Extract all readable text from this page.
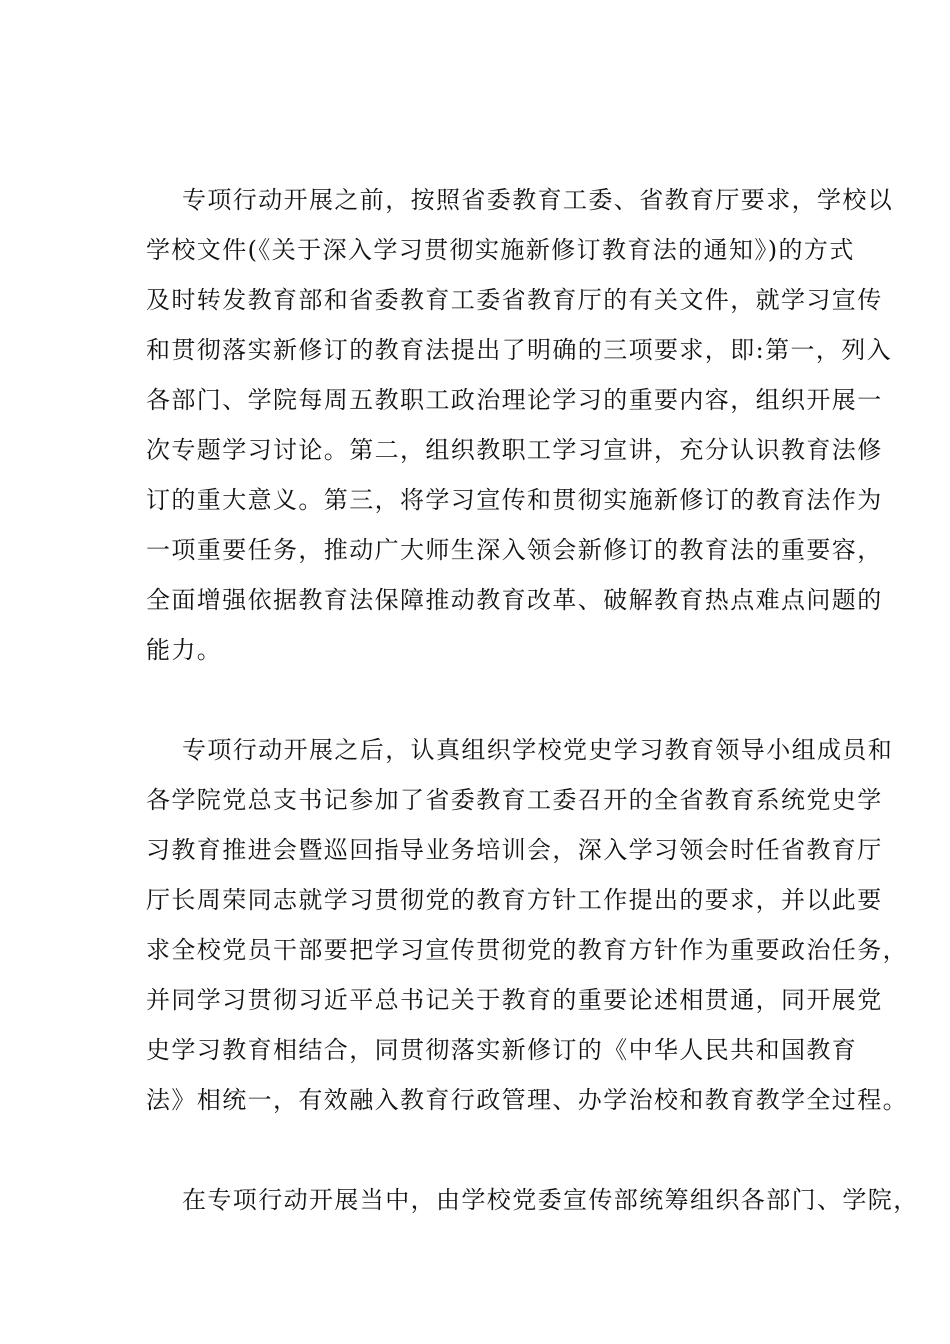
专项行动开展之前，按照省委教育工委、省教育厅要求，学校以

学校文件(《关于深入学习贯彻实施新修订教育法的通知》)的方式

及时转发教育部和省委教育工委省教育厅的有关文件，就学习宣传

和贯彻落实新修订的教育法提出了明确的三项要求，即:第一，列入

各部门、学院每周五教职工政治理论学习的重要内容，组织开展一

次专题学习讨论。第二，组织教职工学习宣讲，充分认识教育法修

订的重大意义。第三，将学习宣传和贯彻实施新修订的教育法作为

一项重要任务，推动广大师生深入领会新修订的教育法的重要容，

全面增强依据教育法保障推动教育改革、破解教育热点难点问题的

能力。

专项行动开展之后，认真组织学校党史学习教育领导小组成员和

各学院党总支书记参加了省委教育工委召开的全省教育系统党史学

习教育推进会暨巡回指导业务培训会，深入学习领会时任省教育厅

厅长周荣同志就学习贯彻党的教育方针工作提出的要求，并以此要

求全校党员干部要把学习宣传贯彻党的教育方针作为重要政治任务，

并同学习贯彻习近平总书记关于教育的重要论述相贯通，同开展党

史学习教育相结合，同贯彻落实新修订的《中华人民共和国教育

法》相统一，有效融入教育行政管理、办学治校和教育教学全过程。

在专项行动开展当中，由学校党委宣传部统筹组织各部门、学院，
